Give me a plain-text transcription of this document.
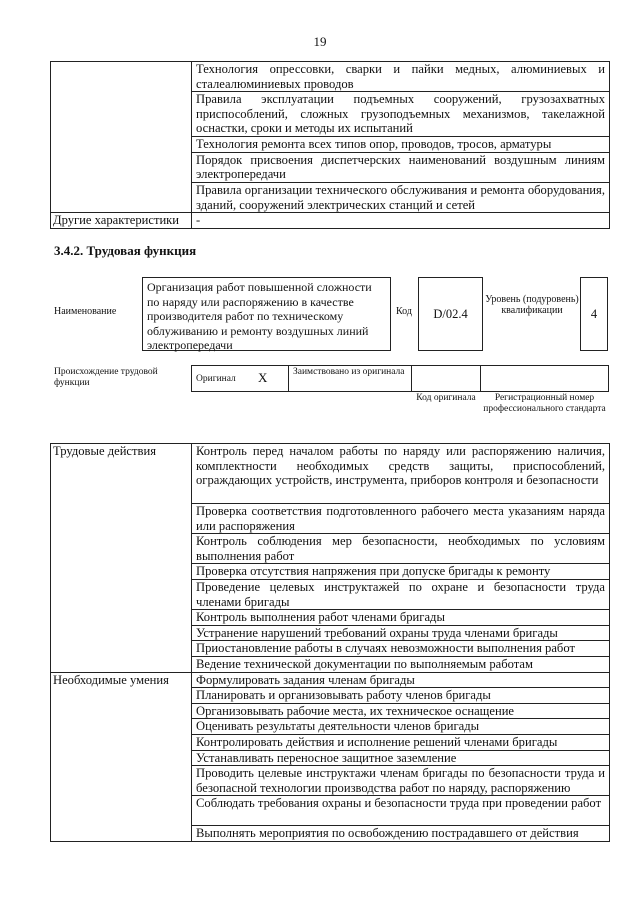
19
	Технология опрессовки, сварки и пайки медных, алюминиевых и сталеалюминиевых проводов
	Правила эксплуатации подъемных сооружений, грузозахватных приспособлений, сложных грузоподъемных механизмов, такелажной оснастки, сроки и методы их испытаний
	Технология ремонта всех типов опор, проводов, тросов, арматуры
	Порядок присвоения диспетчерских наименований воздушным линиям электропередачи
	Правила организации технического обслуживания и ремонта оборудования, зданий, сооружений электрических станций и сетей
Другие характеристики	-
3.4.2. Трудовая функция
Наименование
Организация работ повышенной сложности по наряду или распоряжению в качестве производителя работ по техническому облуживанию и ремонту воздушных линий электропередачи
Код	D/02.4
Уровень (подуровень) квалификации	4
Происхождение трудовой функции	Оригинал X	Заимствовано из оригинала
Код оригинала	Регистрационный номер профессионального стандарта
Трудовые действия	Контроль перед началом работы по наряду или распоряжению наличия, комплектности необходимых средств защиты, приспособлений, ограждающих устройств, инструмента, приборов контроля и безопасности
	Проверка соответствия подготовленного рабочего места указаниям наряда или распоряжения
	Контроль соблюдения мер безопасности, необходимых по условиям выполнения работ
	Проверка отсутствия напряжения при допуске бригады к ремонту
	Проведение целевых инструктажей по охране и безопасности труда членами бригады
	Контроль выполнения работ членами бригады
	Устранение нарушений требований охраны труда членами бригады
	Приостановление работы в случаях невозможности выполнения работ
	Ведение технической документации по выполняемым работам
Необходимые умения	Формулировать задания членам бригады
	Планировать и организовывать работу членов бригады
	Организовывать рабочие места, их техническое оснащение
	Оценивать результаты деятельности членов бригады
	Контролировать действия и исполнение решений членами бригады
	Устанавливать переносное защитное заземление
	Проводить целевые инструктажи членам бригады по безопасности труда и безопасной технологии производства работ по наряду, распоряжению
	Соблюдать требования охраны и безопасности труда при проведении работ
	Выполнять мероприятия по освобождению пострадавшего от действия
